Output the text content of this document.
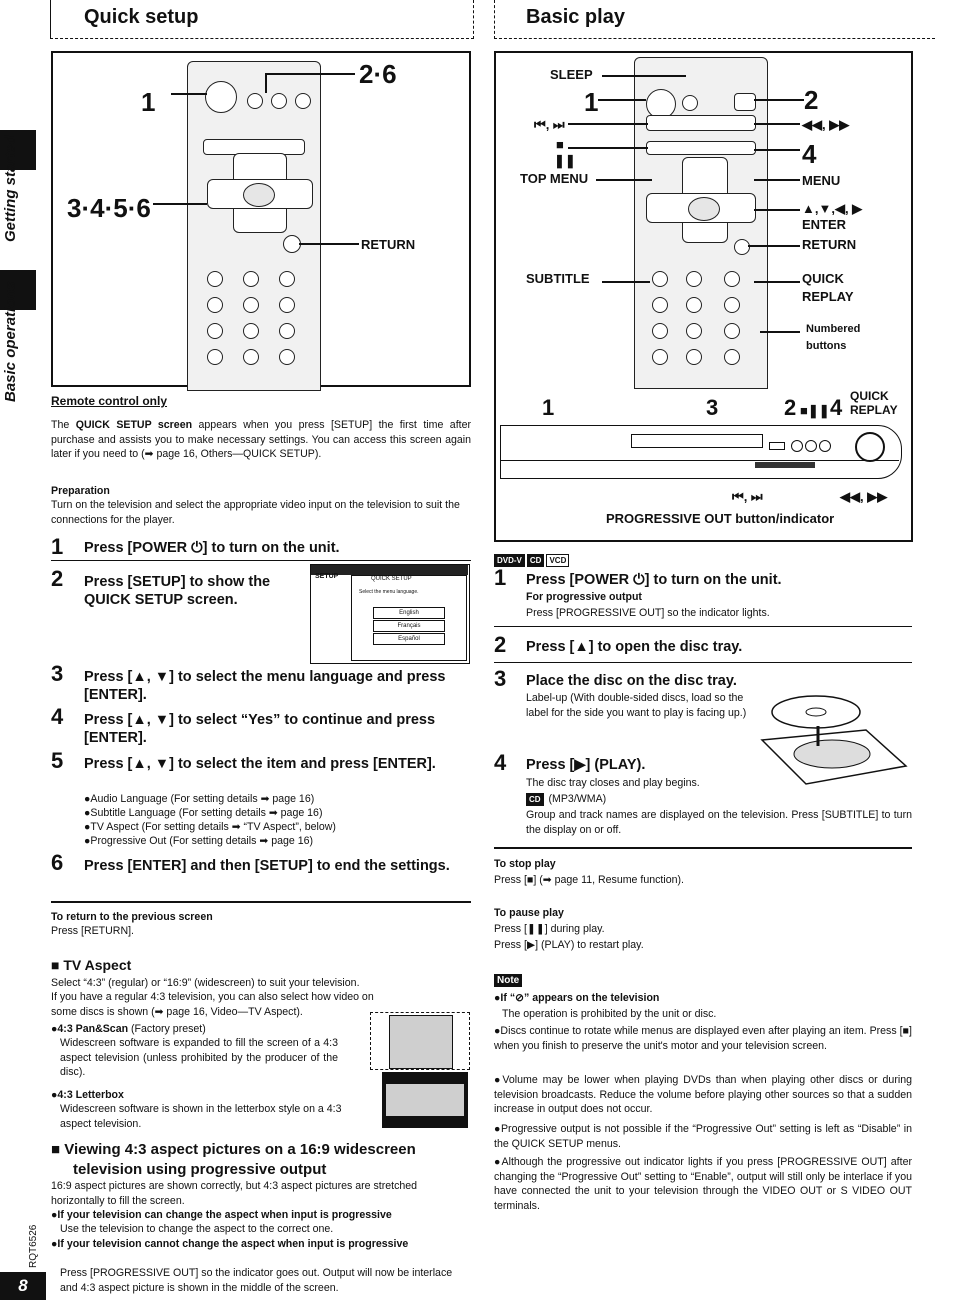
Getting started
Basic operations
RQT6526
8
Quick setup
1
2·6
3·4·5·6
RETURN
Remote control only
The QUICK SETUP screen appears when you press [SETUP] the first time after purchase and assists you to make necessary settings. You can access this screen again later if you need to (➡ page 16, Others—QUICK SETUP).
Preparation
Turn on the television and select the appropriate video input on the television to suit the connections for the player.
1 Press [POWER ⏻] to turn on the unit.
2 Press [SETUP] to show the QUICK SETUP screen.
SETUP	QUICK SETUP
Select the menu language.
English
Français
Español
3 Press [▲, ▼] to select the menu language and press [ENTER].
4 Press [▲, ▼] to select “Yes” to continue and press [ENTER].
5 Press [▲, ▼] to select the item and press [ENTER].
●Audio Language (For setting details ➡ page 16)
●Subtitle Language (For setting details ➡ page 16)
●TV Aspect (For setting details ➡ “TV Aspect”, below)
●Progressive Out (For setting details ➡ page 16)
6 Press [ENTER] and then [SETUP] to end the settings.
To return to the previous screen
Press [RETURN].
■ TV Aspect
Select “4:3” (regular) or “16:9” (widescreen) to suit your television.
If you have a regular 4:3 television, you can also select how video on some discs is shown (➡ page 16, Video—TV Aspect).
●4:3 Pan&Scan (Factory preset)
Widescreen software is expanded to fill the screen of a 4:3 aspect television (unless prohibited by the producer of the disc).
●4:3 Letterbox
Widescreen software is shown in the letterbox style on a 4:3 aspect television.
■ Viewing 4:3 aspect pictures on a 16:9 widescreen
television using progressive output
16:9 aspect pictures are shown correctly, but 4:3 aspect pictures are stretched horizontally to fill the screen.
●If your television can change the aspect when input is progressive
Use the television to change the aspect to the correct one.
●If your television cannot change the aspect when input is progressive
Press [PROGRESSIVE OUT] so the indicator goes out. Output will now be interlace and 4:3 aspect picture is shown in the middle of the screen.
Basic play
SLEEP
1
⏮, ⏭
■
❚❚
TOP MENU
2
◀◀, ▶▶
4
MENU
▲,▼,◀, ▶
ENTER
RETURN
SUBTITLE	QUICK
REPLAY
Numbered
buttons
1	3	2 ■❚❚ 4 QUICK
REPLAY
⏮, ⏭	◀◀, ▶▶
PROGRESSIVE OUT button/indicator
DVD-V CD VCD
1 Press [POWER ⏻] to turn on the unit.
For progressive output
Press [PROGRESSIVE OUT] so the indicator lights.
2 Press [▲] to open the disc tray.
3 Place the disc on the disc tray.
Label-up (With double-sided discs, load so the label for the side you want to play is facing up.)
4 Press [▶] (PLAY).
The disc tray closes and play begins.
CD (MP3/WMA)
Group and track names are displayed on the television. Press [SUBTITLE] to turn the display on or off.
To stop play
Press [■] (➡ page 11, Resume function).
To pause play
Press [❚❚] during play.
Press [▶] (PLAY) to restart play.
Note
●If “⊘” appears on the television
The operation is prohibited by the unit or disc.
●Discs continue to rotate while menus are displayed even after playing an item. Press [■] when you finish to preserve the unit's motor and your television screen.
●Volume may be lower when playing DVDs than when playing other discs or during television broadcasts. Reduce the volume before playing other sources so that a sudden increase in output does not occur.
●Progressive output is not possible if the “Progressive Out” setting is left as “Disable” in the QUICK SETUP menus.
●Although the progressive out indicator lights if you press [PROGRESSIVE OUT] after changing the “Progressive Out” setting to “Enable”, output will still only be interlace if you have connected the unit to your television through the VIDEO OUT or S VIDEO OUT terminals.
